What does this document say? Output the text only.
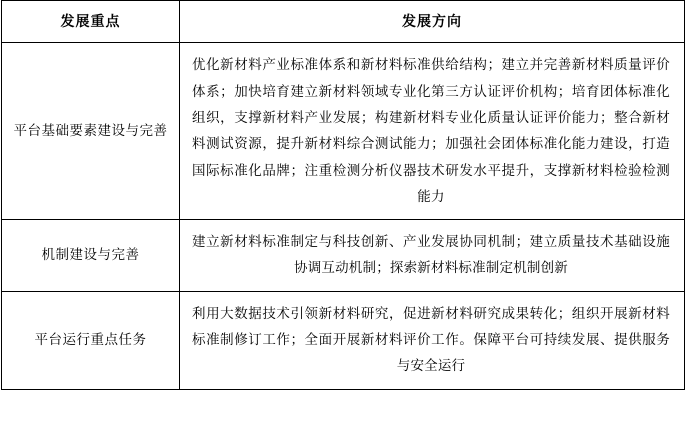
发展重点	发展方向

平台基础要素建设与完善	优化新材料产业标准体系和新材料标准供给结构；建立并完善新材料质量评价体系；加快培育建立新材料领域专业化第三方认证评价机构；培育团体标准化组织，支撑新材料产业发展；构建新材料专业化质量认证评价能力；整合新材料测试资源，提升新材料综合测试能力；加强社会团体标准化能力建设，打造国际标准化品牌；注重检测分析仪器技术研发水平提升，支撑新材料检验检测能力
机制建设与完善	建立新材料标准制定与科技创新、产业发展协同机制；建立质量技术基础设施协调互动机制；探索新材料标准制定机制创新
平台运行重点任务	利用大数据技术引领新材料研究，促进新材料研究成果转化；组织开展新材料标准制修订工作；全面开展新材料评价工作。保障平台可持续发展、提供服务与安全运行
